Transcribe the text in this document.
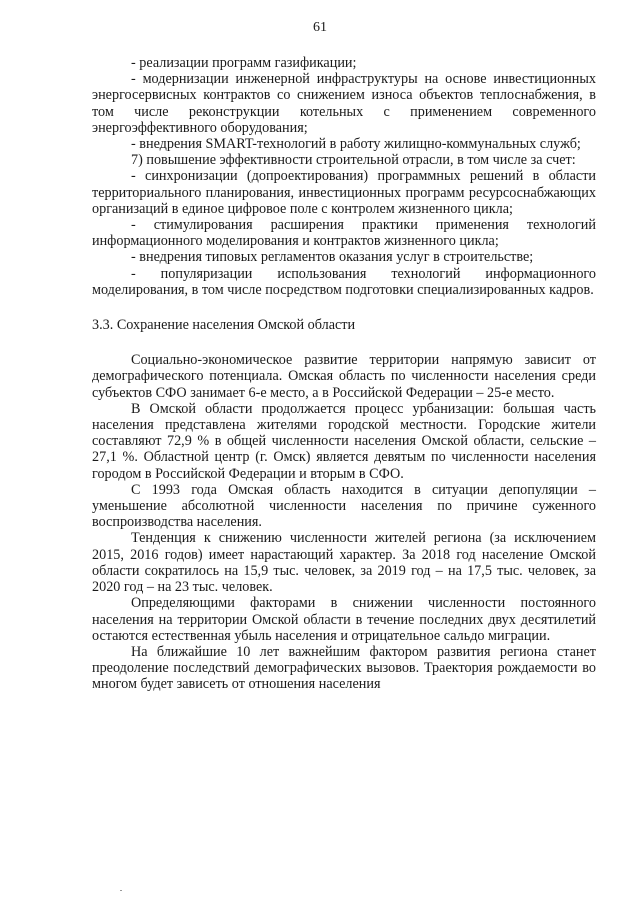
61

- реализации программ газификации;

- модернизации инженерной инфраструктуры на основе инвестиционных энергосервисных контрактов со снижением износа объектов теплоснабжения, в том числе реконструкции котельных с применением современного энергоэффективного оборудования;

- внедрения SMART-технологий в работу жилищно-коммунальных служб;

7) повышение эффективности строительной отрасли, в том числе за счет:

- синхронизации (допроектирования) программных решений в области территориального планирования, инвестиционных программ ресурсоснабжающих организаций в единое цифровое поле с контролем жизненного цикла;

- стимулирования расширения практики применения технологий информационного моделирования и контрактов жизненного цикла;

- внедрения типовых регламентов оказания услуг в строительстве;

- популяризации использования технологий информационного моделирования, в том числе посредством подготовки специализированных кадров.

3.3. Сохранение населения Омской области

Социально-экономическое развитие территории напрямую зависит от демографического потенциала. Омская область по численности населения среди субъектов СФО занимает 6-е место, а в Российской Федерации – 25-е место.

В Омской области продолжается процесс урбанизации: большая часть населения представлена жителями городской местности. Городские жители составляют 72,9 % в общей численности населения Омской области, сельские – 27,1 %. Областной центр (г. Омск) является девятым по численности населения городом в Российской Федерации и вторым в СФО.

С 1993 года Омская область находится в ситуации депопуляции – уменьшение абсолютной численности населения по причине суженного воспроизводства населения.

Тенденция к снижению численности жителей региона (за исключением 2015, 2016 годов) имеет нарастающий характер. За 2018 год население Омской области сократилось на 15,9 тыс. человек, за 2019 год – на 17,5 тыс. человек, за 2020 год – на 23 тыс. человек.

Определяющими факторами в снижении численности постоянного населения на территории Омской области в течение последних двух десятилетий остаются естественная убыль населения и отрицательное сальдо миграции.

На ближайшие 10 лет важнейшим фактором развития региона станет преодоление последствий демографических вызовов. Траектория рождаемости во многом будет зависеть от отношения населения
